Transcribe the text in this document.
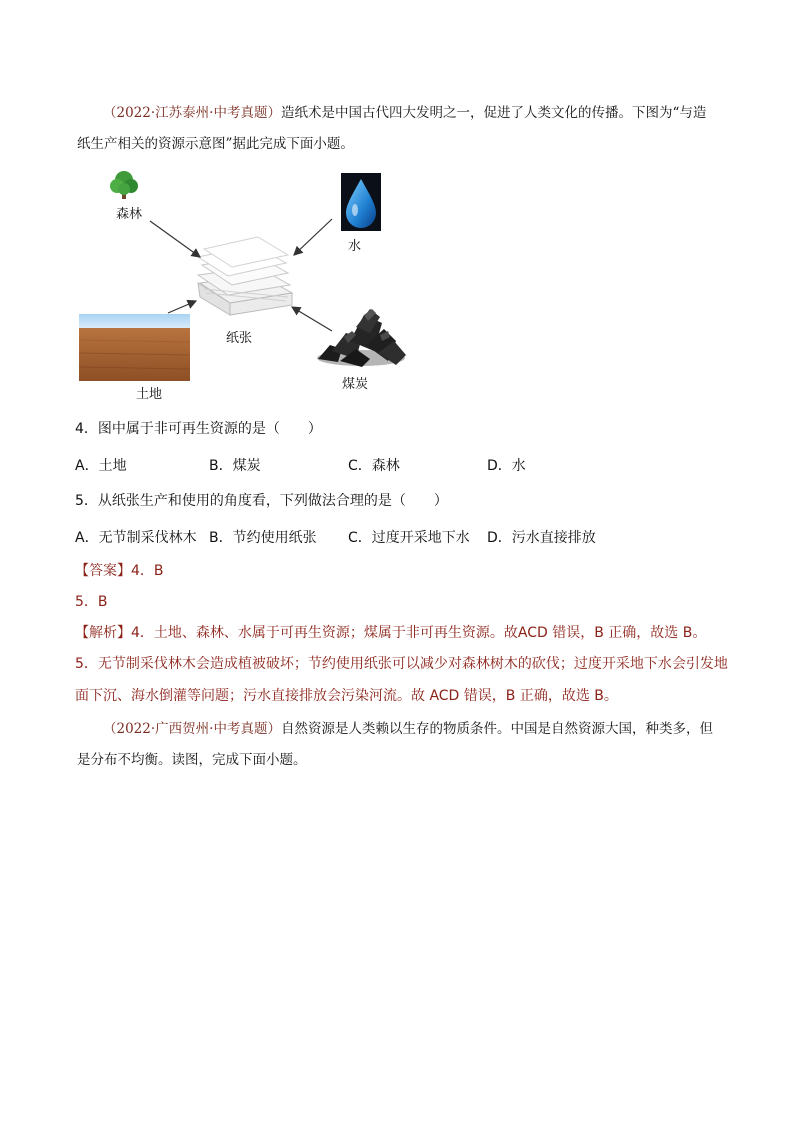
（2022·江苏泰州·中考真题）造纸术是中国古代四大发明之一，促进了人类文化的传播。下图为“与造
纸生产相关的资源示意图”据此完成下面小题。
森林
水
纸张
土地
煤炭
4．图中属于非可再生资源的是（　　）
A．土地	B．煤炭	C．森林	D．水
5．从纸张生产和使用的角度看，下列做法合理的是（　　）
A．无节制采伐林木 B．节约使用纸张 C．过度开采地下水 D．污水直接排放
【答案】4．B
5．B
【解析】4．土地、森林、水属于可再生资源；煤属于非可再生资源。故ACD 错误，B 正确，故选 B。
5．无节制采伐林木会造成植被破坏；节约使用纸张可以减少对森林树木的砍伐；过度开采地下水会引发地
面下沉、海水倒灌等问题；污水直接排放会污染河流。故 ACD 错误，B 正确，故选 B。
（2022·广西贺州·中考真题）自然资源是人类赖以生存的物质条件。中国是自然资源大国，种类多，但
是分布不均衡。读图，完成下面小题。
